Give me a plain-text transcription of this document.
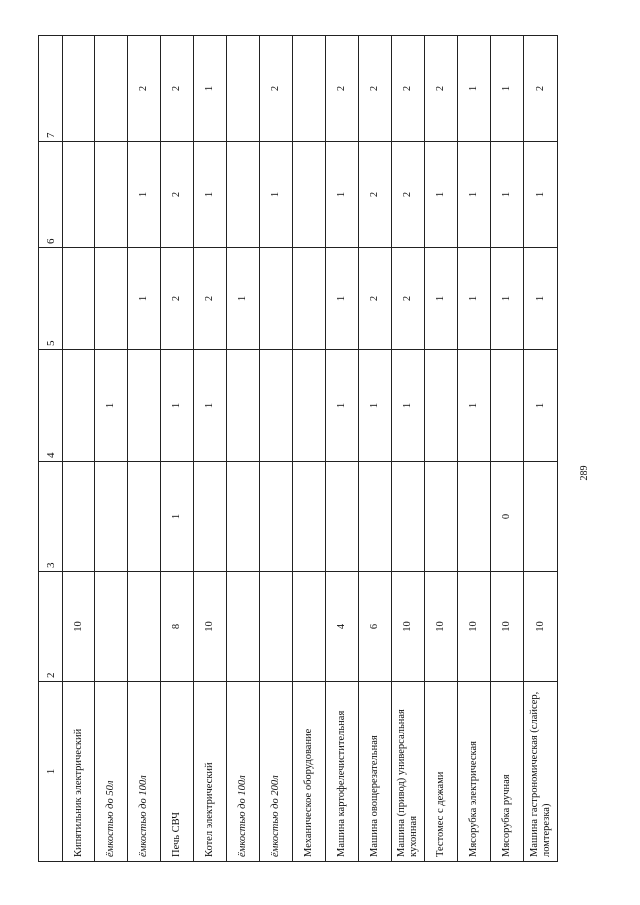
1	2	3	4	5	6	7
Кипятильник электрический	10					
ёмкостью до 50л			1			
ёмкостью до 100л				1	1	2
Печь СВЧ	8	1	1	2	2	2
Котел электрический	10		1	2	1	1
ёмкостью до 100л				1		
ёмкостью до 200л					1	2
Механическое оборудование						
Машина картофелечистительная	4		1	1	1	2
Машина овощерезательная	6		1	2	2	2
Машина (привод) универсальная кухонная	10		1	2	2	2
Тестомес с дежами	10			1	1	2
Мясорубка электрическая	10		1	1	1	1
Мясорубка ручная	10	0		1	1	1
Машина гастрономическая (слайсер, ломтерезка)	10		1	1	1	2
289
